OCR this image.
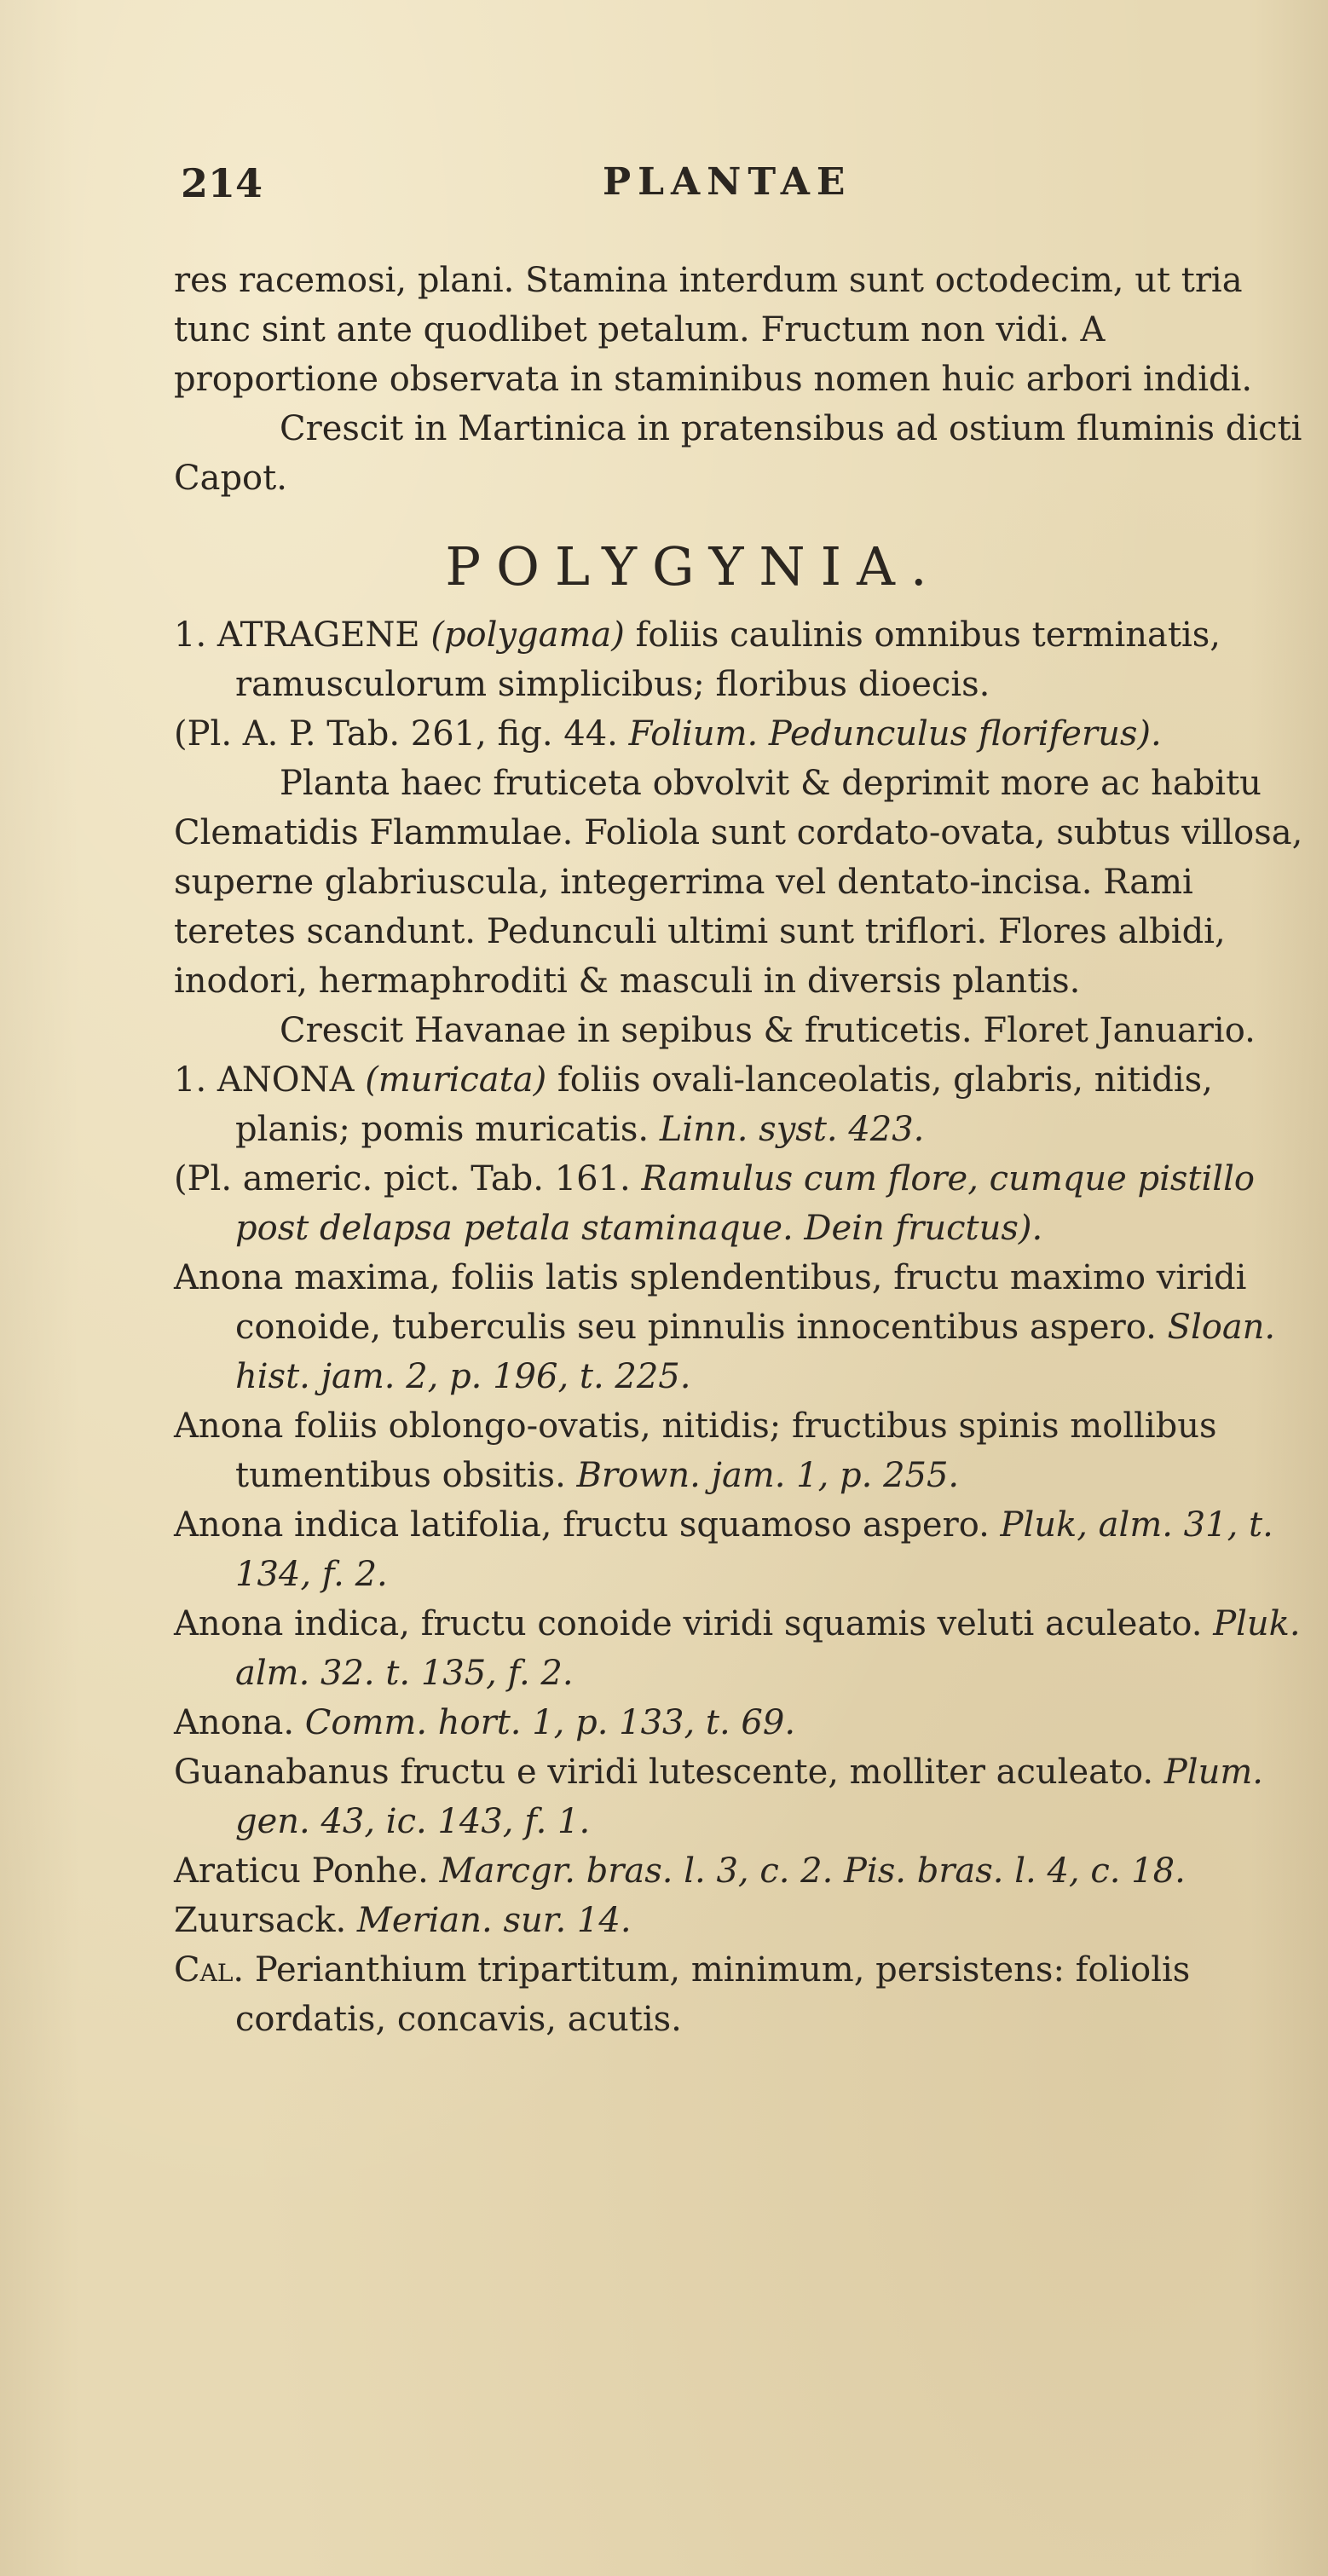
214	PLANTAE

res racemosi, plani. Stamina interdum sunt octodecim, ut tria tunc sint ante quodlibet petalum. Fructum non vidi. A proportione observata in staminibus nomen huic arbori indidi.

Crescit in Martinica in pratensibus ad ostium fluminis dicti Capot.

POLYGYNIA.

1. ATRAGENE (polygama) foliis caulinis omnibus terminatis, ramusculorum simplicibus; floribus dioecis.

(Pl. A. P. Tab. 261, fig. 44. Folium. Pedunculus floriferus).

Planta haec fruticeta obvolvit & deprimit more ac habitu Clematidis Flammulae. Foliola sunt cordato-ovata, subtus villosa, superne glabriuscula, integerrima vel dentato-incisa. Rami teretes scandunt. Pedunculi ultimi sunt triflori. Flores albidi, inodori, hermaphroditi & masculi in diversis plantis.

Crescit Havanae in sepibus & fruticetis. Floret Januario.

1. ANONA (muricata) foliis ovali-lanceolatis, glabris, nitidis, planis; pomis muricatis. Linn. syst. 423.

(Pl. americ. pict. Tab. 161. Ramulus cum flore, cumque pistillo post delapsa petala staminaque. Dein fructus).

Anona maxima, foliis latis splendentibus, fructu maximo viridi conoide, tuberculis seu pinnulis innocentibus aspero. Sloan. hist. jam. 2, p. 196, t. 225.

Anona foliis oblongo-ovatis, nitidis; fructibus spinis mollibus tumentibus obsitis. Brown. jam. 1, p. 255.

Anona indica latifolia, fructu squamoso aspero. Pluk, alm. 31, t. 134, f. 2.

Anona indica, fructu conoide viridi squamis veluti aculeato. Pluk. alm. 32. t. 135, f. 2.

Anona. Comm. hort. 1, p. 133, t. 69.

Guanabanus fructu e viridi lutescente, molliter aculeato. Plum. gen. 43, ic. 143, f. 1.

Araticu Ponhe. Marcgr. bras. l. 3, c. 2. Pis. bras. l. 4, c. 18.

Zuursack. Merian. sur. 14.

Cal. Perianthium tripartitum, minimum, persistens: foliolis cordatis, concavis, acutis.
